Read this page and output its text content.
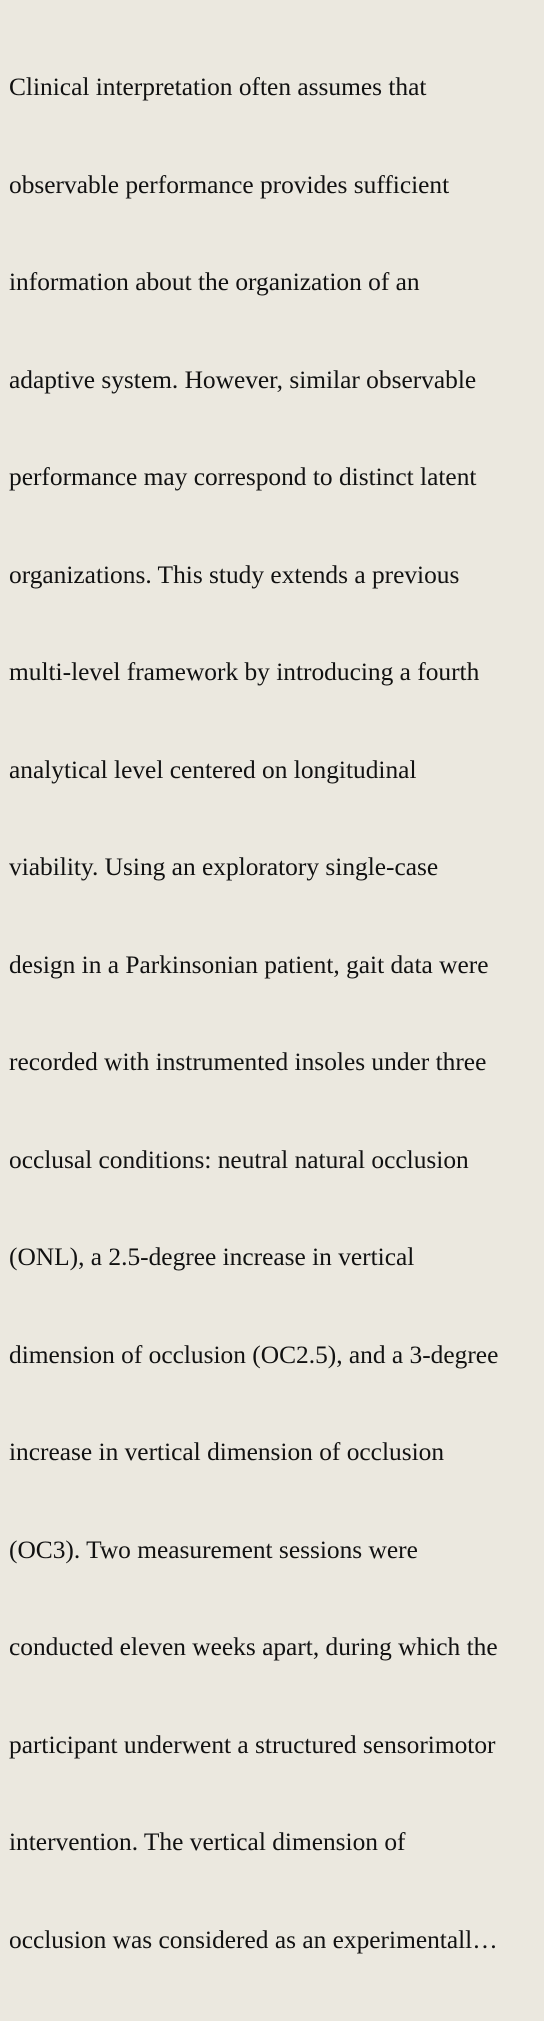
Clinical interpretation often assumes that

observable performance provides sufficient

information about the organization of an

adaptive system. However, similar observable

performance may correspond to distinct latent

organizations. This study extends a previous

multi-level framework by introducing a fourth

analytical level centered on longitudinal

viability. Using an exploratory single-case

design in a Parkinsonian patient, gait data were

recorded with instrumented insoles under three

occlusal conditions: neutral natural occlusion

(ONL), a 2.5-degree increase in vertical

dimension of occlusion (OC2.5), and a 3-degree

increase in vertical dimension of occlusion

(OC3). Two measurement sessions were

conducted eleven weeks apart, during which the

participant underwent a structured sensorimotor

intervention. The vertical dimension of

occlusion was considered as an experimentall…
